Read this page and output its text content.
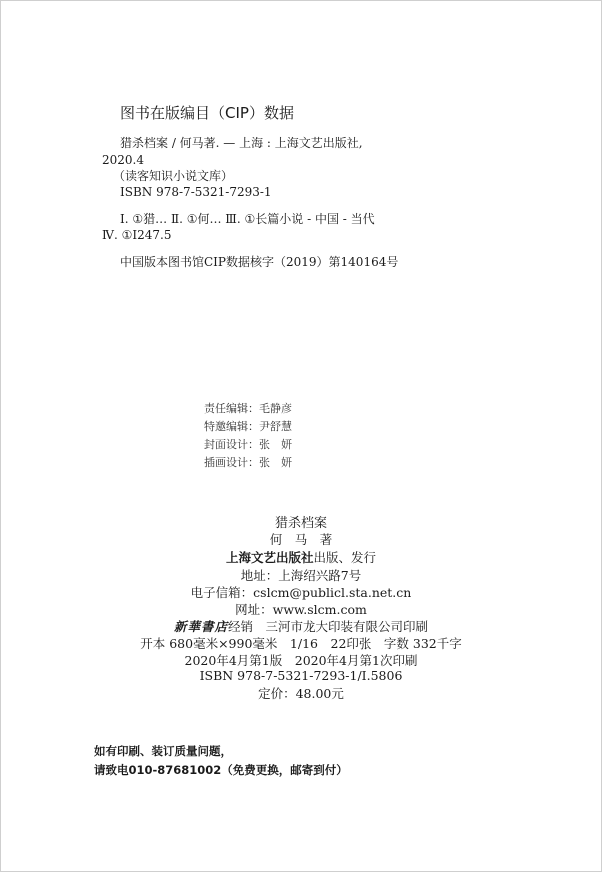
图书在版编目（CIP）数据
猎杀档案 / 何马著. — 上海 : 上海文艺出版社,
2020.4
（读客知识小说文库）
ISBN 978-7-5321-7293-1
Ⅰ. ①猎… Ⅱ. ①何… Ⅲ. ①长篇小说 - 中国 - 当代
Ⅳ. ①I247.5
中国版本图书馆CIP数据核字（2019）第140164号
责任编辑：毛静彦
特邀编辑：尹舒慧
封面设计：张　妍
插画设计：张　妍
猎杀档案
何　马　著
上海文艺出版社出版、发行
地址：上海绍兴路7号
电子信箱：cslcm@publicl.sta.net.cn
网址：www.slcm.com
新華書店经销　三河市龙大印装有限公司印刷
开本 680毫米×990毫米　1/16　22印张　字数 332千字
2020年4月第1版　2020年4月第1次印刷
ISBN 978-7-5321-7293-1/I.5806
定价：48.00元
如有印刷、装订质量问题，
请致电010-87681002（免费更换，邮寄到付）
